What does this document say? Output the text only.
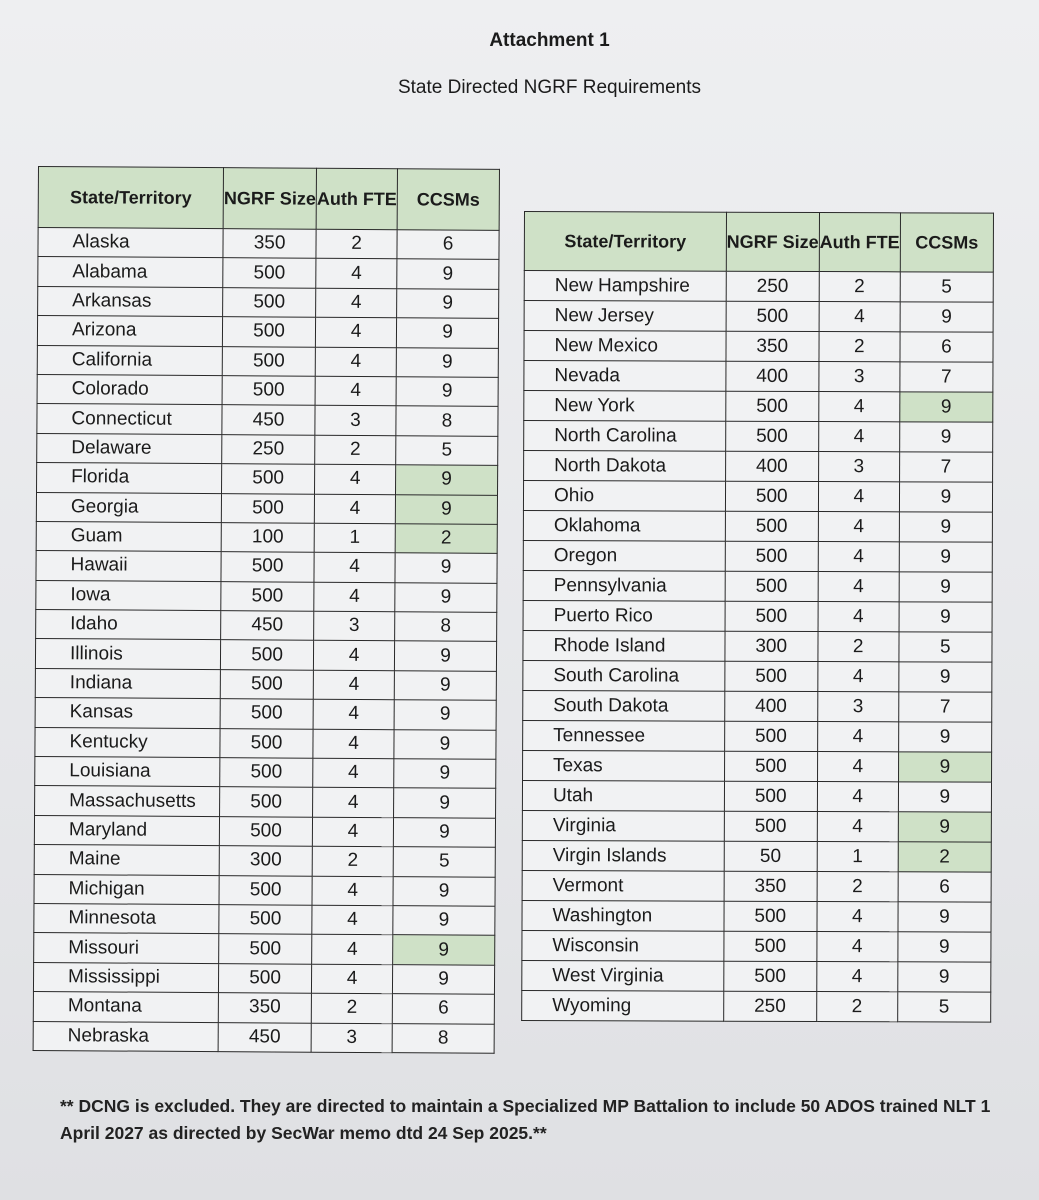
Attachment 1
State Directed NGRF Requirements
State/Territory	NGRF Size	Auth FTE	CCSMs
Alaska	350	2	6
Alabama	500	4	9
Arkansas	500	4	9
Arizona	500	4	9
California	500	4	9
Colorado	500	4	9
Connecticut	450	3	8
Delaware	250	2	5
Florida	500	4	9
Georgia	500	4	9
Guam	100	1	2
Hawaii	500	4	9
Iowa	500	4	9
Idaho	450	3	8
Illinois	500	4	9
Indiana	500	4	9
Kansas	500	4	9
Kentucky	500	4	9
Louisiana	500	4	9
Massachusetts	500	4	9
Maryland	500	4	9
Maine	300	2	5
Michigan	500	4	9
Minnesota	500	4	9
Missouri	500	4	9
Mississippi	500	4	9
Montana	350	2	6
Nebraska	450	3	8
State/Territory	NGRF Size	Auth FTE	CCSMs
New Hampshire	250	2	5
New Jersey	500	4	9
New Mexico	350	2	6
Nevada	400	3	7
New York	500	4	9
North Carolina	500	4	9
North Dakota	400	3	7
Ohio	500	4	9
Oklahoma	500	4	9
Oregon	500	4	9
Pennsylvania	500	4	9
Puerto Rico	500	4	9
Rhode Island	300	2	5
South Carolina	500	4	9
South Dakota	400	3	7
Tennessee	500	4	9
Texas	500	4	9
Utah	500	4	9
Virginia	500	4	9
Virgin Islands	50	1	2
Vermont	350	2	6
Washington	500	4	9
Wisconsin	500	4	9
West Virginia	500	4	9
Wyoming	250	2	5
** DCNG is excluded. They are directed to maintain a Specialized MP Battalion to include 50 ADOS trained NLT 1 April 2027 as directed by SecWar memo dtd 24 Sep 2025.**
